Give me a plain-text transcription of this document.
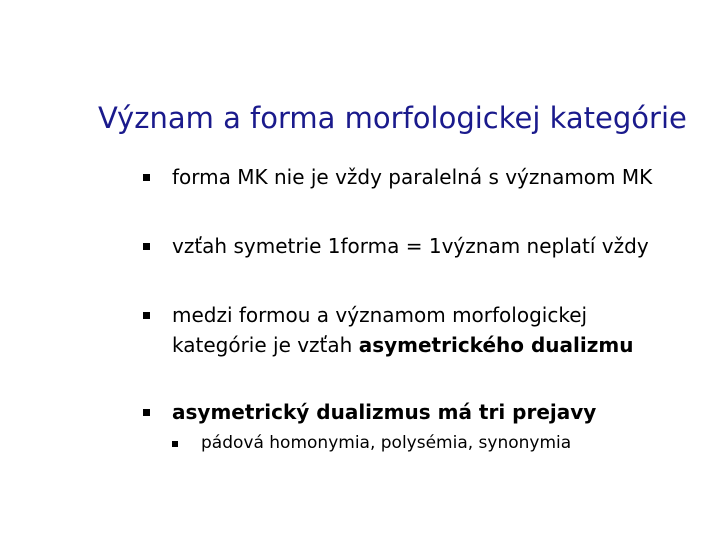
Význam a forma morfologickej kategórie
forma MK nie je vždy paralelná s významom MK
vzťah symetrie 1forma = 1význam neplatí vždy
medzi formou a významom morfologickej
kategórie je vzťah asymetrického dualizmu
asymetrický dualizmus má tri prejavy
pádová homonymia, polysémia, synonymia
